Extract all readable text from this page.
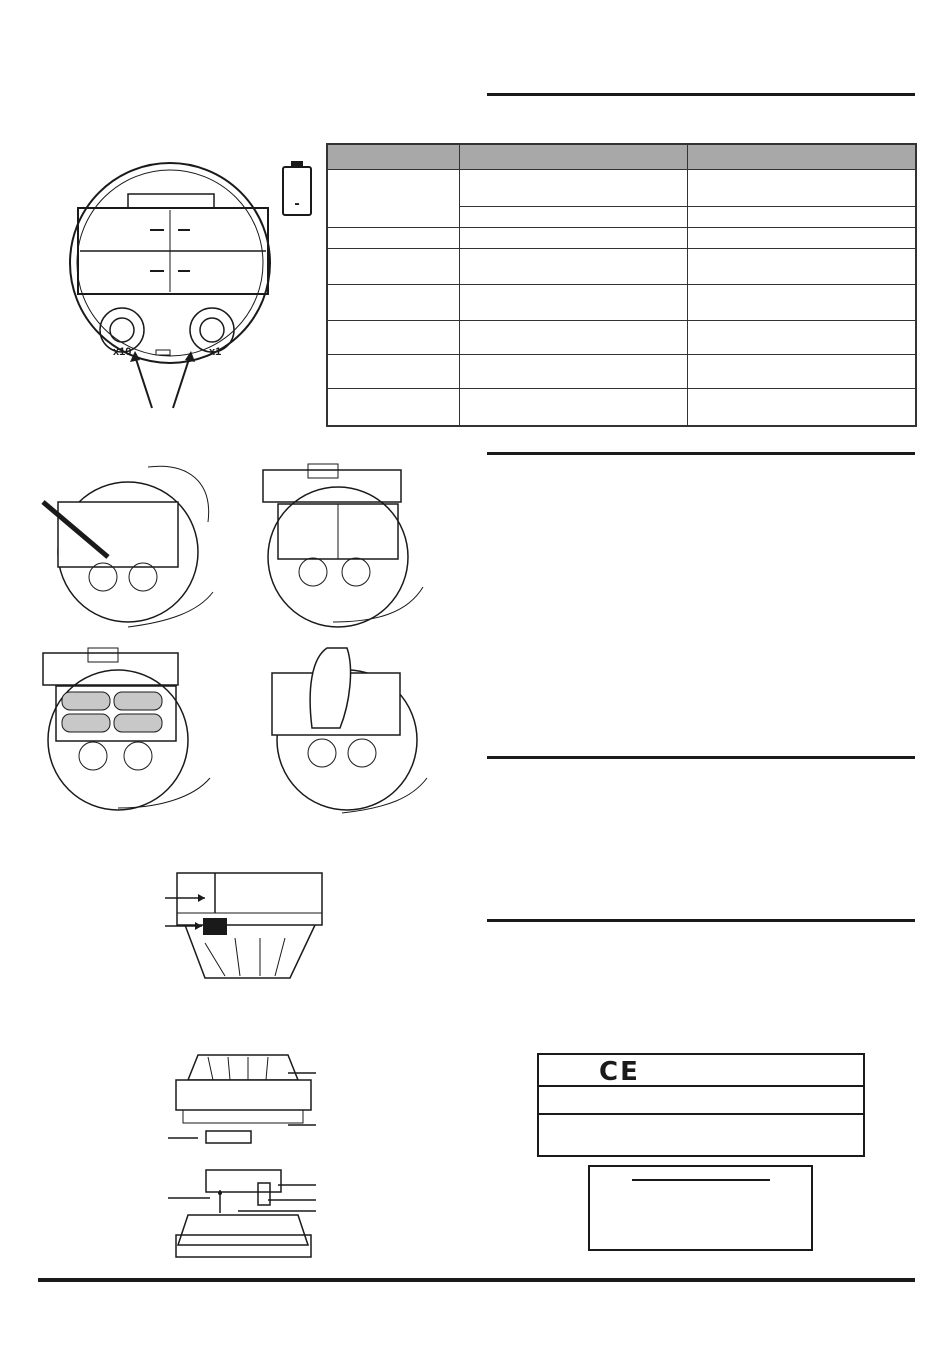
x10	x1
-
CE
